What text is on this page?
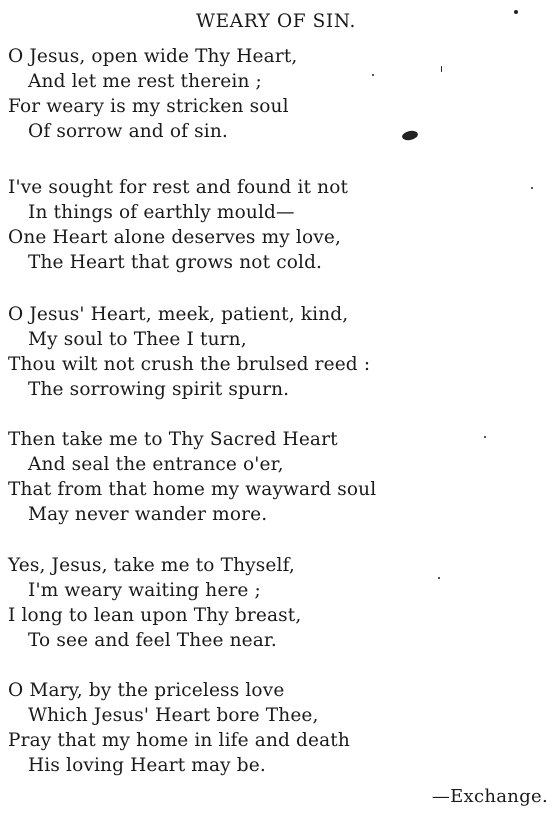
WEARY OF SIN.
O Jesus, open wide Thy Heart,
And let me rest therein ;
For weary is my stricken soul
Of sorrow and of sin.
I've sought for rest and found it not
In things of earthly mould—
One Heart alone deserves my love,
The Heart that grows not cold.
O Jesus' Heart, meek, patient, kind,
My soul to Thee I turn,
Thou wilt not crush the brulsed reed :
The sorrowing spirit spurn.
Then take me to Thy Sacred Heart
And seal the entrance o'er,
That from that home my wayward soul
May never wander more.
Yes, Jesus, take me to Thyself,
I'm weary waiting here ;
I long to lean upon Thy breast,
To see and feel Thee near.
O Mary, by the priceless love
Which Jesus' Heart bore Thee,
Pray that my home in life and death
His loving Heart may be.
—Exchange.
